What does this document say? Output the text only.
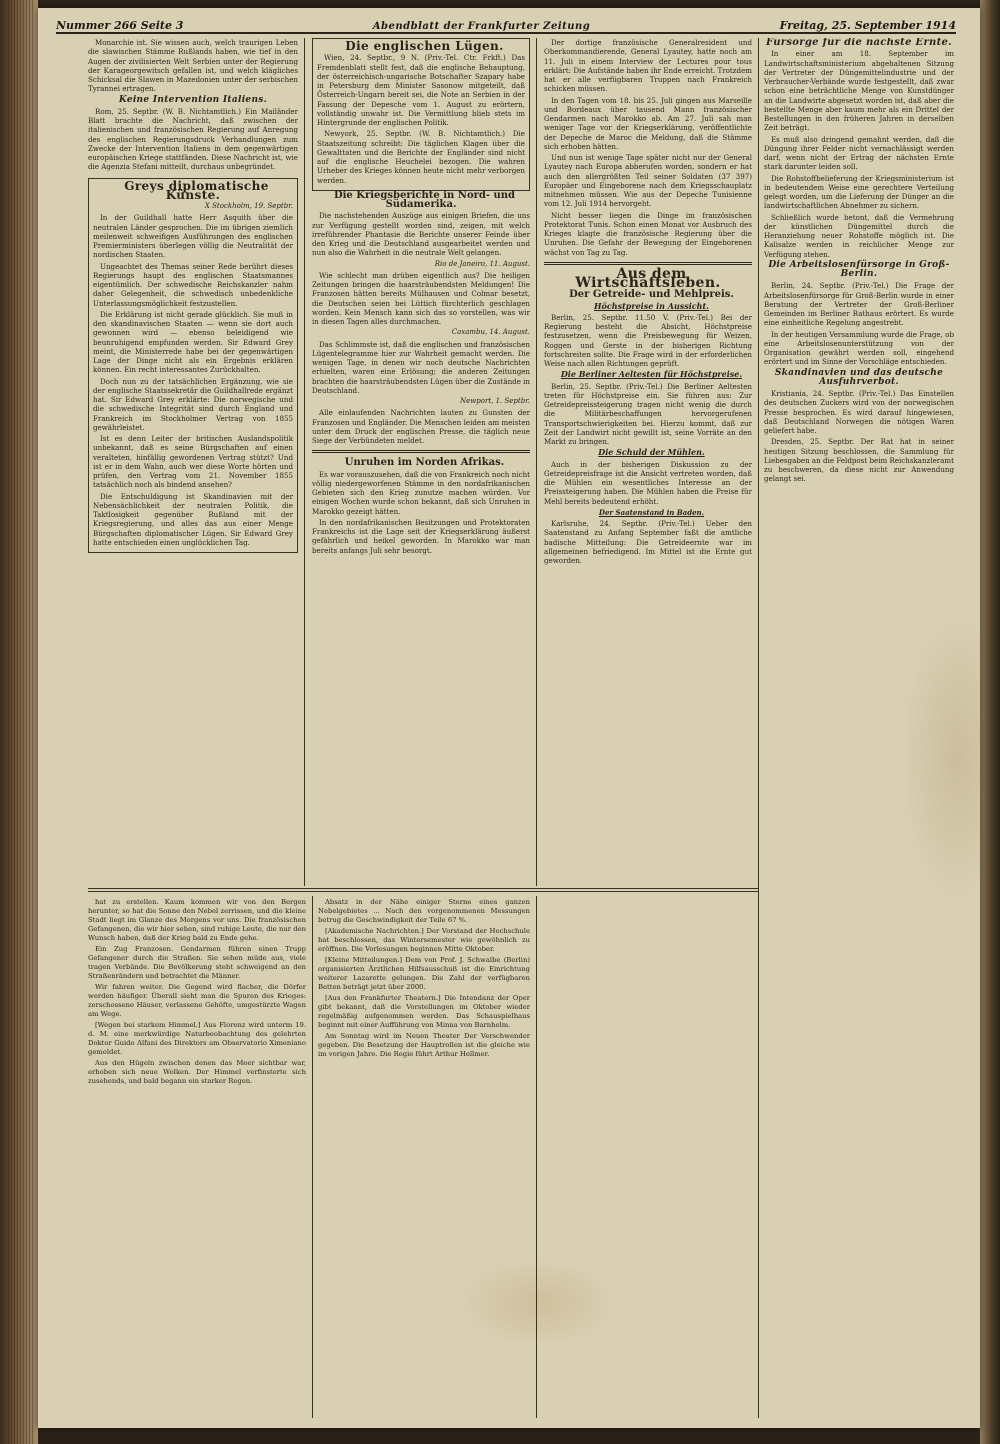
Nummer 266 Seite 3	Abendblatt der Frankfurter Zeitung	Freitag, 25. September 1914

Monarchie ist. Sie wissen auch, welch traurigen Leben die slawischen Stämme Rußlands haben, wie tief in den Augen der zivilisierten Welt Serbien unter der Regierung der Karageorgewitsch gefallen ist, und welch klägliches Schicksal die Slawen in Mazedonien unter der serbischen Tyrannei ertragen.

Keine Intervention Italiens.

Rom, 25. Septbr. (W. B. Nichtamtlich.) Ein Mailänder Blatt brachte die Nachricht, daß zwischen der italienischen und französischen Regierung auf Anregung des englischen Regierungsdruck Verhandlungen zum Zwecke der Intervention Italiens in dem gegenwärtigen europäischen Kriege stattfänden. Diese Nachricht ist, wie die Agenzia Stefani mitteilt, durchaus unbegründet.

Greys diplomatische Künste.

X Stockholm, 19. Septbr.

In der Guildhall hatte Herr Asquith über die neutralen Länder gesprochen. Die im übrigen ziemlich meilenweit schweifigen Ausführungen des englischen Premierministers überlegen völlig die Neutralität der nordischen Staaten.

Ungeachtet des Themas seiner Rede berührt dieses Regierungs haupt des englischen Staatsmannes eigentümlich. Der schwedische Reichskanzler nahm daher Gelegenheit, die schwedisch unbedenkliche Unterlassungsmöglichkeit festzustellen.

Die Erklärung ist nicht gerade glücklich. Sie muß in den skandinavischen Staaten — wenn sie dort auch gewonnen wird — ebenso beleidigend wie beunruhigend empfunden werden. Sir Edward Grey meint, die Ministerrede habe bei der gegenwärtigen Lage der Dinge nicht als ein Ergebnis erklären können. Ein recht interessantes Zurückhalten.

Doch nun zu der tatsächlichen Ergänzung, wie sie der englische Staatssekretär die Guildhallrede ergänzt hat. Sir Edward Grey erklärte: Die norwegische und die schwedische Integrität sind durch England und Frankreich im Stockholmer Vertrag von 1855 gewährleistet.

Ist es denn Leiter der britischen Auslandspolitik unbekannt, daß es seine Bürgschaften auf einen veralteten, hinfällig gewordenen Vertrag stützt? Und ist er in dem Wahn, auch wer diese Worte hörten und prüfen, den Vertrag vom 21. November 1855 tatsächlich noch als bindend ansehen?

Die Entschuldigung ist Skandinavien mit der Nebensächlichkeit der neutralen Politik, die Taktlosigkeit gegenüber Rußland mit der Kriegsregierung, und alles das aus einer Menge Bürgschaften diplomatischer Lügen. Sir Edward Grey hatte entschieden einen unglücklichen Tag.

Die englischen Lügen.

Wien, 24. Septbr., 9 N. (Priv.-Tel. Ctr. Frkft.) Das Fremdenblatt stellt fest, daß die englische Behauptung, der österreichisch-ungarische Botschafter Szapary habe in Petersburg dem Minister Sasonow mitgeteilt, daß Österreich-Ungarn bereit sei, die Note an Serbien in der Fassung der Depesche vom 1. August zu erörtern, vollständig unwahr ist. Die Vermittlung blieb stets im Hintergrunde der englischen Politik.

Newyork, 25. Septbr. (W. B. Nichtamtlich.) Die Staatszeitung schreibt: Die täglichen Klagen über die Gewalttaten und die Berichte der Engländer sind nicht auf die englische Heuchelei bezogen. Die wahren Urheber des Krieges können heute nicht mehr verborgen werden.

Die Kriegsberichte in Nord- und Südamerika.

Die nachstehenden Auszüge aus einigen Briefen, die uns zur Verfügung gestellt worden sind, zeigen, mit welch irreführender Phantasie die Berichte unserer Feinde über den Krieg und die Deutschland ausgearbeitet werden und nun also die Wahrheit in die neutrale Welt gelangen.

Rio de Janeiro, 11. August.

Wie schlecht man drüben eigentlich aus? Die heiligen Zeitungen bringen die haarsträubendsten Meldungen! Die Franzosen hätten bereits Mülhausen und Colmar besetzt, die Deutschen seien bei Lüttich fürchterlich geschlagen worden. Kein Mensch kann sich das so vorstellen, was wir in diesen Tagen alles durchmachen.

Caxambu, 14. August.

Das Schlimmste ist, daß die englischen und französischen Lügentelegramme hier zur Wahrheit gemacht werden. Die wenigen Tage, in denen wir noch deutsche Nachrichten erhielten, waren eine Erlösung; die anderen Zeitungen brachten die haarsträubendsten Lügen über die Zustände in Deutschland.

Newport, 1. Septbr.

Alle einlaufenden Nachrichten lauten zu Gunsten der Franzosen und Engländer. Die Menschen leiden am meisten unter dem Druck der englischen Presse, die täglich neue Siege der Verbündeten meldet.

Unruhen im Norden Afrikas.

Es war vorauszusehen, daß die von Frankreich noch nicht völlig niedergeworfenen Stämme in den nordafrikanischen Gebieten sich den Krieg zunutze machen würden. Vor einigen Wochen wurde schon bekannt, daß sich Unruhen in Marokko gezeigt hätten.

In den nordafrikanischen Besitzungen und Protektoraten Frankreichs ist die Lage seit der Kriegserklärung äußerst gefährlich und heikel geworden. In Marokko war man bereits anfangs Juli sehr besorgt.

Der dortige französische Generalresident und Oberkommandierende, General Lyautey, hatte noch am 11. Juli in einem Interview der Lectures pour tous erklärt: Die Aufstände haben ihr Ende erreicht. Trotzdem hat er alle verfügbaren Truppen nach Frankreich schicken müssen.

In den Tagen vom 18. bis 25. Juli gingen aus Marseille und Bordeaux über tausend Mann französischer Gendarmen nach Marokko ab. Am 27. Juli sah man weniger Tage vor der Kriegserklärung, veröffentlichte der Depeche de Maroc die Meldung, daß die Stämme sich erhoben hätten.

Und nun ist wenige Tage später nicht nur der General Lyautey nach Europa abberufen worden, sondern er hat auch den allergrößten Teil seiner Soldaten (37 397) Europäer und Eingeborene nach dem Kriegsschauplatz mitnehmen müssen. Wie aus der Depeche Tunisienne vom 12. Juli 1914 hervorgeht.

Nicht besser liegen die Dinge im französischen Protektorat Tunis. Schon einen Monat vor Ausbruch des Krieges klagte die französische Regierung über die Unruhen. Die Gefahr der Bewegung der Eingeborenen wächst von Tag zu Tag.

Aus dem Wirtschaftsleben.

Der Getreide- und Mehlpreis.

Höchstpreise in Aussicht.

Berlin, 25. Septbr. 11.50 V. (Priv.-Tel.) Bei der Regierung besteht die Absicht, Höchstpreise festzusetzen, wenn die Preisbewegung für Weizen, Roggen und Gerste in der bisherigen Richtung fortschreiten sollte. Die Frage wird in der erforderlichen Weise nach allen Richtungen geprüft.

Die Berliner Aeltesten für Höchstpreise.

Berlin, 25. Septbr. (Priv.-Tel.) Die Berliner Aeltesten treten für Höchstpreise ein. Sie führen aus: Zur Getreidepreissteigerung tragen nicht wenig die durch die Militärbeschaffungen hervorgerufenen Transportschwierigkeiten bei. Hierzu kommt, daß zur Zeit der Landwirt nicht gewillt ist, seine Vorräte an den Markt zu bringen.

Die Schuld der Mühlen.

Auch in der bisherigen Diskussion zu der Getreidepreisfrage ist die Ansicht vertreten worden, daß die Mühlen ein wesentliches Interesse an der Preissteigerung haben. Die Mühlen haben die Preise für Mehl bereits bedeutend erhöht.

Der Saatenstand in Baden.

Karlsruhe, 24. Septbr. (Priv.-Tel.) Ueber den Saatenstand zu Anfang September faßt die amtliche badische Mitteilung: Die Getreideernte war im allgemeinen befriedigend. Im Mittel ist die Ernte gut geworden.

Fürsorge für die nächste Ernte.

In einer am 18. September im Landwirtschaftsministerium abgehaltenen Sitzung der Vertreter der Düngemittelindustrie und der Verbraucher-Verbände wurde festgestellt, daß zwar schon eine beträchtliche Menge von Kunstdünger an die Landwirte abgesetzt worden ist, daß aber die bestellte Menge aber kaum mehr als ein Drittel der Bestellungen in den früheren Jahren in derselben Zeit beträgt.

Es muß also dringend gemahnt werden, daß die Düngung ihrer Felder nicht vernachlässigt werden darf, wenn nicht der Ertrag der nächsten Ernte stark darunter leiden soll.

Die Rohstoffbelieferung der Kriegsministerium ist in bedeutendem Weise eine gerechtere Verteilung gelegt worden, um die Lieferung der Dünger an die landwirtschaftlichen Abnehmer zu sichern.

Schließlich wurde betont, daß die Vermehrung der künstlichen Düngemittel durch die Heranziehung neuer Rohstoffe möglich ist. Die Kalisalze werden in reichlicher Menge zur Verfügung stehen.

Die Arbeitslosenfürsorge in Groß-Berlin.

Berlin, 24. Septbr. (Priv.-Tel.) Die Frage der Arbeitslosenfürsorge für Groß-Berlin wurde in einer Beratung der Vertreter der Groß-Berliner Gemeinden im Berliner Rathaus erörtert. Es wurde eine einheitliche Regelung angestrebt.

In der heutigen Versammlung wurde die Frage, ob eine Arbeitslosenunterstützung von der Organisation gewährt werden soll, eingehend erörtert und im Sinne der Vorschläge entschieden.

Skandinavien und das deutsche Ausfuhrverbot.

Kristiania, 24. Septbr. (Priv.-Tel.) Das Einstellen des deutschen Zuckers wird von der norwegischen Presse besprochen. Es wird darauf hingewiesen, daß Deutschland Norwegen die nötigen Waren geliefert habe.

Dresden, 25. Septbr. Der Rat hat in seiner heutigen Sitzung beschlossen, die Sammlung für Liebesgaben an die Feldpost beim Reichskanzleramt zu beschweren, da diese nicht zur Anwendung gelangt sei.

hat zu erstellen. Kaum kommen wir von den Bergen herunter, so hat die Sonne den Nebel zerrissen, und die kleine Stadt liegt im Glanze des Morgens vor uns. Die französischen Gefangenen, die wir hier sehen, sind ruhige Leute, die nur den Wunsch haben, daß der Krieg bald zu Ende gehe.

Ein Zug Franzosen. Gendarmen führen einen Trupp Gefangener durch die Straßen. Sie sehen müde aus, viele tragen Verbände. Die Bevölkerung steht schweigend an den Straßenrändern und betrachtet die Männer.

Wir fahren weiter. Die Gegend wird flacher, die Dörfer werden häufiger. Überall sieht man die Spuren des Krieges: zerschossene Häuser, verlassene Gehöfte, umgestürzte Wagen am Wege.

[Wegen bei starkem Himmel.] Aus Florenz wird unterm 19. d. M. eine merkwürdige Naturbeobachtung des gelehrten Doktor Guido Alfani des Direktors am Observatorio Ximeniano gemeldet.

Aus den Hügeln zwischen denen das Meer sichtbar war, erhoben sich neue Wolken. Der Himmel verfinsterte sich zusehends, und bald begann ein starker Regen.

Absatz in der Nähe einiger Sterne eines ganzen Nebelgebietes ... Nach den vorgenommenen Messungen betrug die Geschwindigkeit der Teile 67 %.

[Akademische Nachrichten.] Der Vorstand der Hochschule hat beschlossen, das Wintersemester wie gewöhnlich zu eröffnen. Die Vorlesungen beginnen Mitte Oktober.

[Kleine Mitteilungen.] Dem von Prof. J. Schwalbe (Berlin) organisierten Ärztlichen Hilfsausschuß ist die Einrichtung weiterer Lazarette gelungen. Die Zahl der verfügbaren Betten beträgt jetzt über 2000.

[Aus den Frankfurter Theatern.] Die Intendanz der Oper gibt bekannt, daß die Vorstellungen im Oktober wieder regelmäßig aufgenommen werden. Das Schauspielhaus beginnt mit einer Aufführung von Minna von Barnhelm.

Am Sonntag wird im Neuen Theater Der Verschwender gegeben. Die Besetzung der Hauptrollen ist die gleiche wie im vorigen Jahre. Die Regie führt Arthur Hellmer.
